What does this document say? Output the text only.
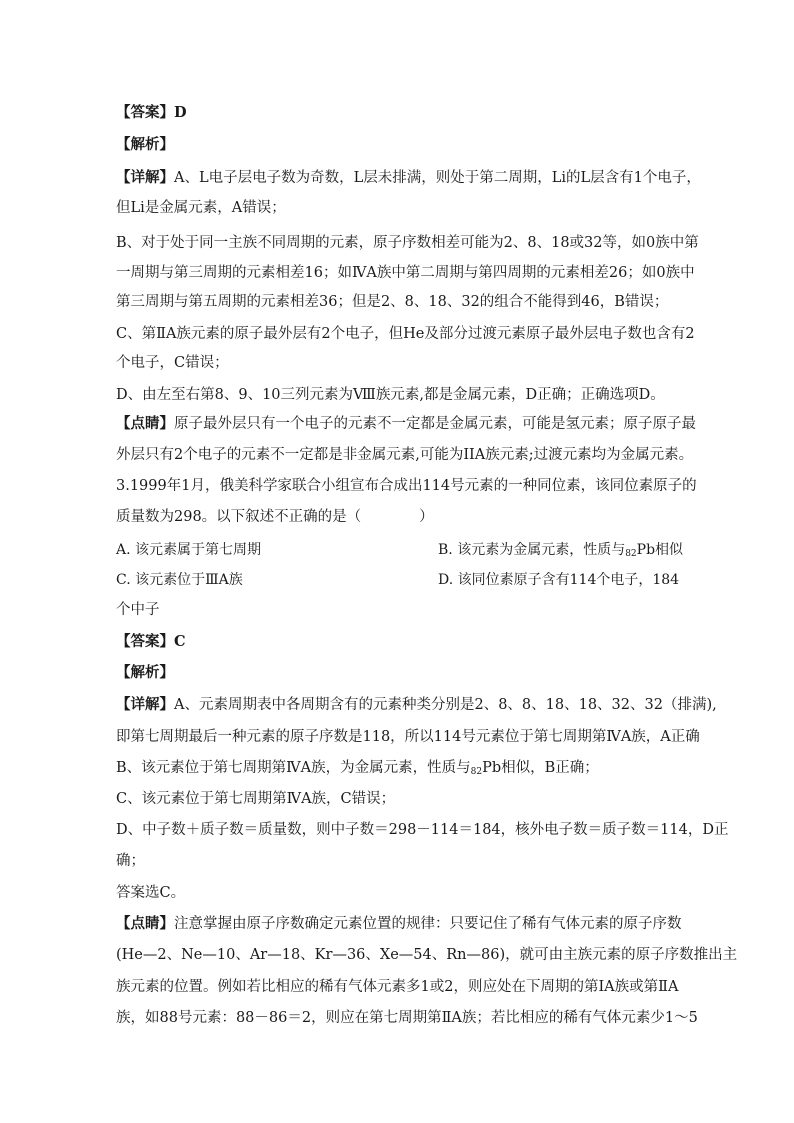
【答案】D
【解析】
【详解】A、L电子层电子数为奇数，L层未排满，则处于第二周期，Li的L层含有1个电子，
但Li是金属元素，A错误；
B、对于处于同一主族不同周期的元素，原子序数相差可能为2、8、18或32等，如0族中第
一周期与第三周期的元素相差16；如ⅣA族中第二周期与第四周期的元素相差26；如0族中
第三周期与第五周期的元素相差36；但是2、8、18、32的组合不能得到46，B错误；
C、第ⅡA族元素的原子最外层有2个电子，但He及部分过渡元素原子最外层电子数也含有2
个电子，C错误；
D、由左至右第8、9、10三列元素为Ⅷ族元素,都是金属元素，D正确；正确选项D。
【点睛】原子最外层只有一个电子的元素不一定都是金属元素，可能是氢元素；原子原子最
外层只有2个电子的元素不一定都是非金属元素,可能为IIA族元素;过渡元素均为金属元素。
3.1999年1月，俄美科学家联合小组宣布合成出114号元素的一种同位素，该同位素原子的
质量数为298。以下叙述不正确的是（　　　　）
A. 该元素属于第七周期	B. 该元素为金属元素，性质与$_{82}$Pb相似
C. 该元素位于ⅢA族	D. 该同位素原子含有114个电子，184
个中子
【答案】C
【解析】
【详解】A、元素周期表中各周期含有的元素种类分别是2、8、8、18、18、32、32（排满),
即第七周期最后一种元素的原子序数是118，所以114号元素位于第七周期第ⅣA族，A正确
B、该元素位于第七周期第ⅣA族，为金属元素，性质与$_{82}$Pb相似，B正确；
C、该元素位于第七周期第ⅣA族，C错误；
D、中子数＋质子数＝质量数，则中子数＝298－114＝184，核外电子数＝质子数＝114，D正
确；
答案选C。
【点睛】注意掌握由原子序数确定元素位置的规律：只要记住了稀有气体元素的原子序数
(He—2、Ne—10、Ar—18、Kr—36、Xe—54、Rn—86)，就可由主族元素的原子序数推出主
族元素的位置。例如若比相应的稀有气体元素多1或2，则应处在下周期的第ⅠA族或第ⅡA
族，如88号元素：88－86＝2，则应在第七周期第ⅡA族；若比相应的稀有气体元素少1～5
